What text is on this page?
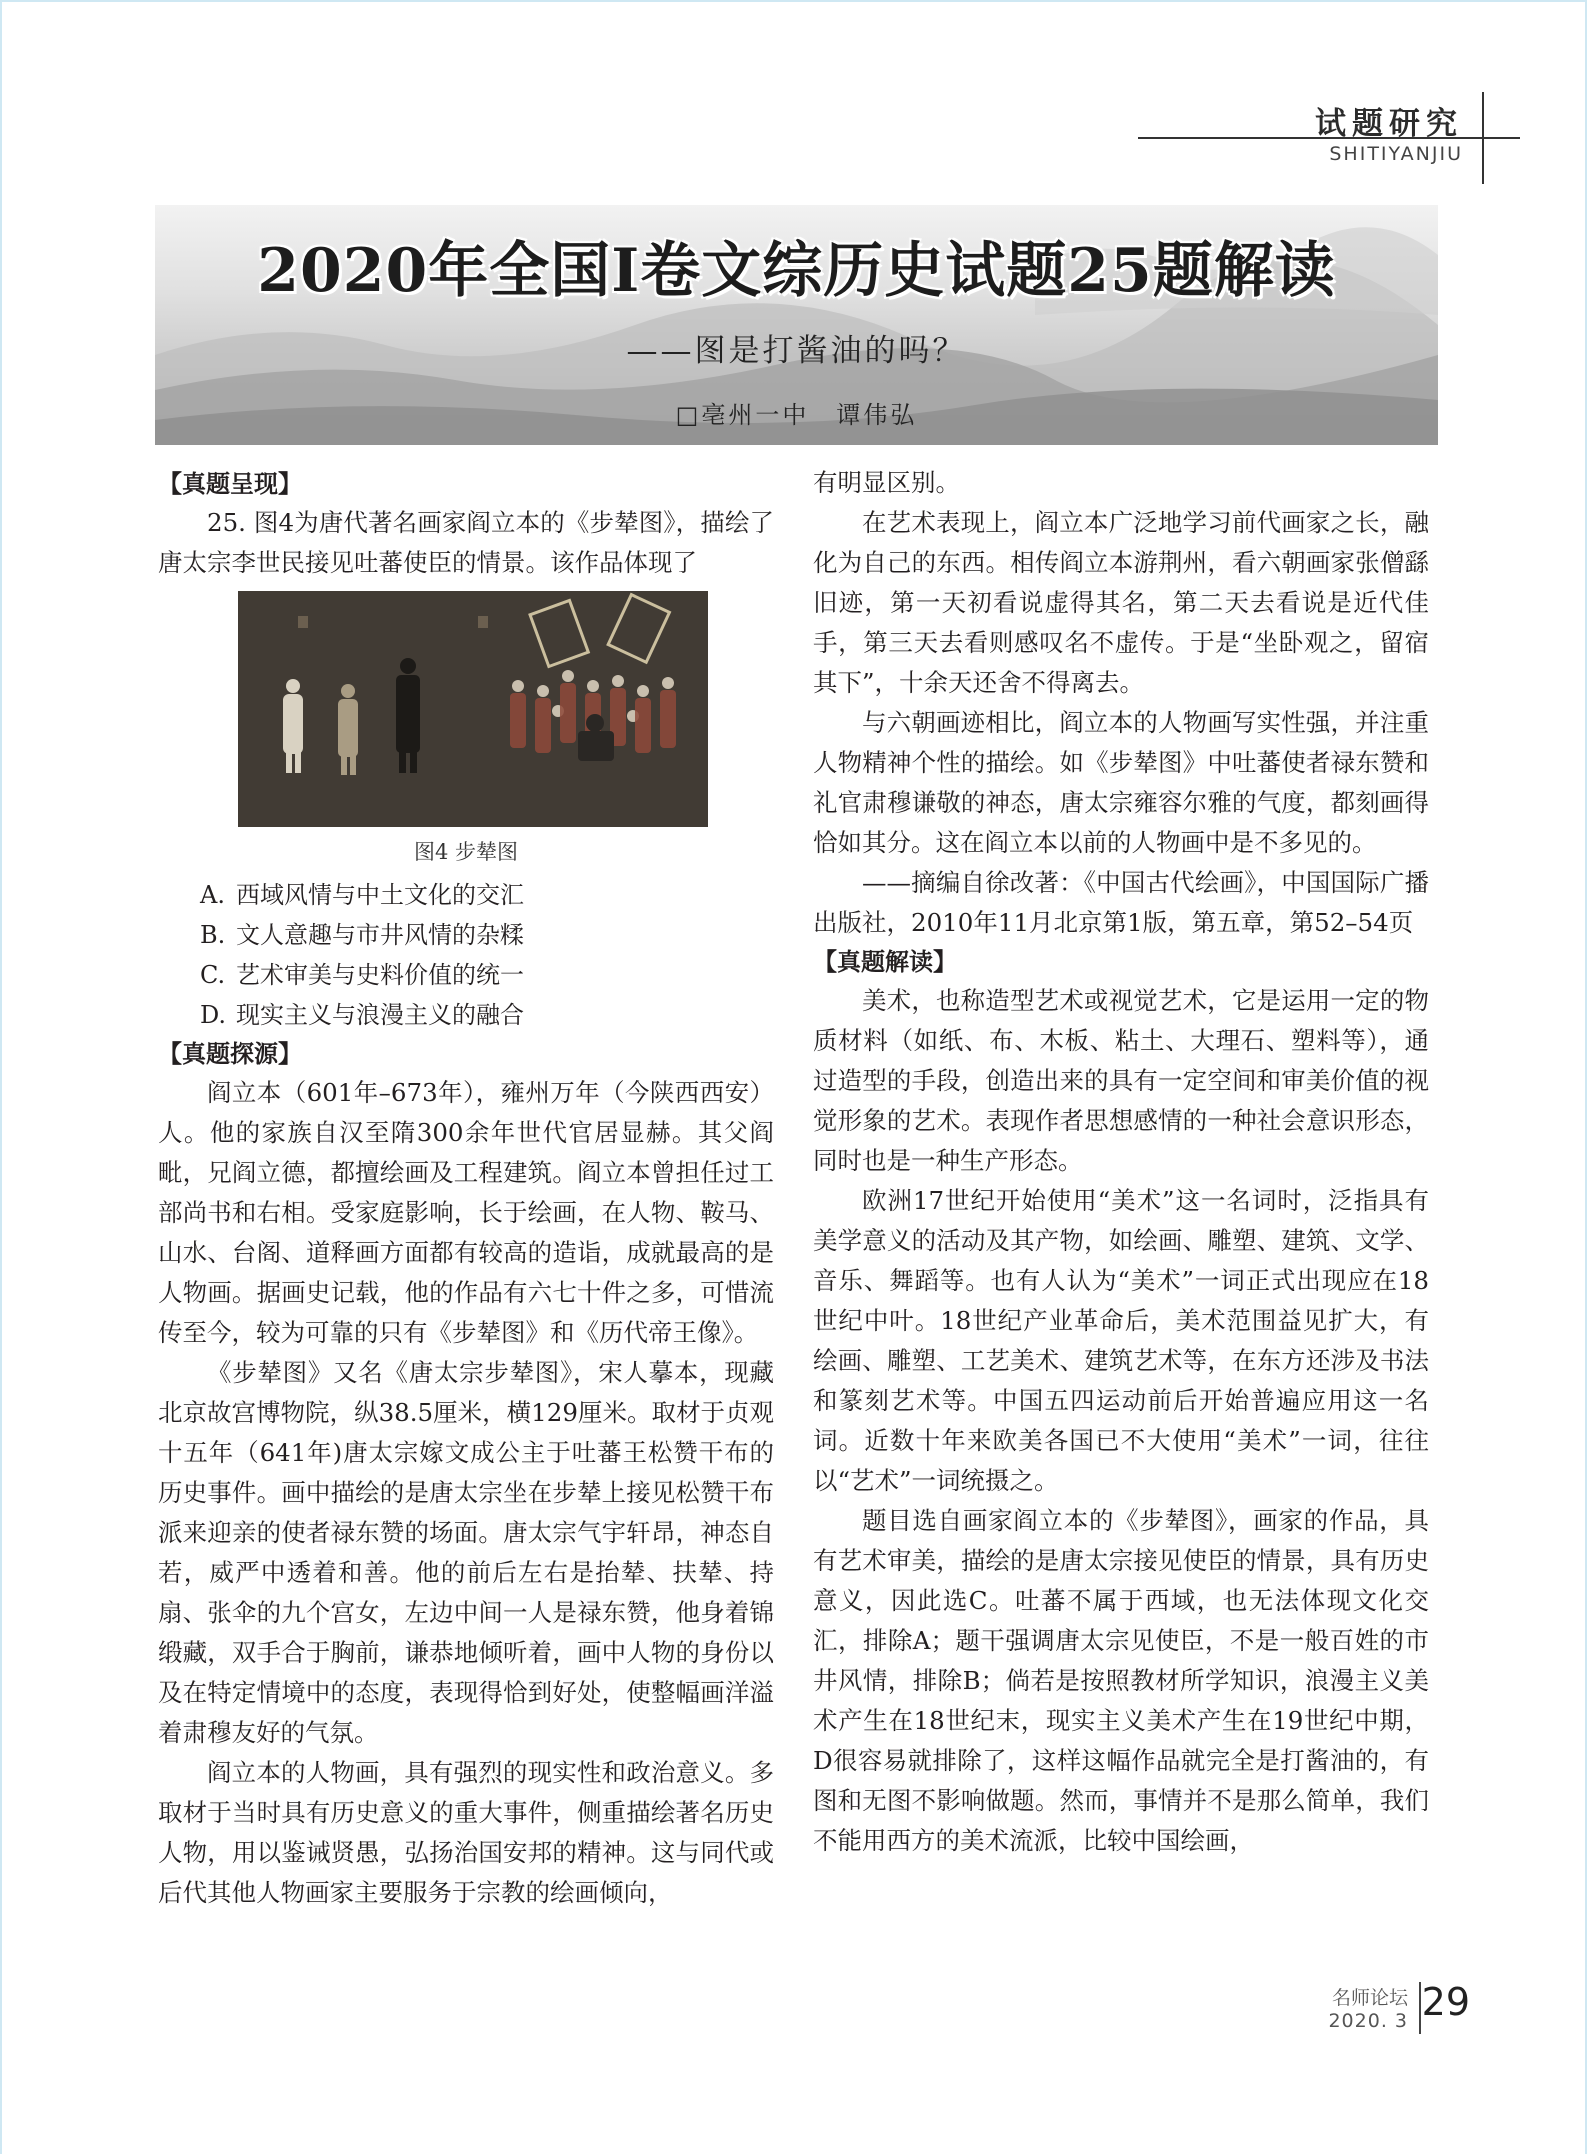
试题研究
SHITIYANJIU
2020年全国I卷文综历史试题25题解读
——图是打酱油的吗？
□亳州一中　谭伟弘
【真题呈现】

25. 图4为唐代著名画家阎立本的《步辇图》，描绘了唐太宗李世民接见吐蕃使臣的情景。该作品体现了

图4 步辇图
A. 西域风情与中土文化的交汇
B. 文人意趣与市井风情的杂糅
C. 艺术审美与史料价值的统一
D. 现实主义与浪漫主义的融合
【真题探源】

阎立本（601年–673年），雍州万年（今陕西西安）人。他的家族自汉至隋300余年世代官居显赫。其父阎毗，兄阎立德，都擅绘画及工程建筑。阎立本曾担任过工部尚书和右相。受家庭影响，长于绘画，在人物、鞍马、山水、台阁、道释画方面都有较高的造诣，成就最高的是人物画。据画史记载，他的作品有六七十件之多，可惜流传至今，较为可靠的只有《步辇图》和《历代帝王像》。

《步辇图》又名《唐太宗步辇图》，宋人摹本，现藏北京故宫博物院，纵38.5厘米，横129厘米。取材于贞观十五年（641年)唐太宗嫁文成公主于吐蕃王松赞干布的历史事件。画中描绘的是唐太宗坐在步辇上接见松赞干布派来迎亲的使者禄东赞的场面。唐太宗气宇轩昂，神态自若，威严中透着和善。他的前后左右是抬辇、扶辇、持扇、张伞的九个宫女，左边中间一人是禄东赞，他身着锦缎藏，双手合于胸前，谦恭地倾听着，画中人物的身份以及在特定情境中的态度，表现得恰到好处，使整幅画洋溢着肃穆友好的气氛。

阎立本的人物画，具有强烈的现实性和政治意义。多取材于当时具有历史意义的重大事件，侧重描绘著名历史人物，用以鉴诫贤愚，弘扬治国安邦的精神。这与同代或后代其他人物画家主要服务于宗教的绘画倾向，

有明显区别。

在艺术表现上，阎立本广泛地学习前代画家之长，融化为自己的东西。相传阎立本游荆州，看六朝画家张僧繇旧迹，第一天初看说虚得其名，第二天去看说是近代佳手，第三天去看则感叹名不虚传。于是“坐卧观之，留宿其下”，十余天还舍不得离去。

与六朝画迹相比，阎立本的人物画写实性强，并注重人物精神个性的描绘。如《步辇图》中吐蕃使者禄东赞和礼官肃穆谦敬的神态，唐太宗雍容尔雅的气度，都刻画得恰如其分。这在阎立本以前的人物画中是不多见的。

——摘编自徐改著：《中国古代绘画》，中国国际广播出版社，2010年11月北京第1版，第五章，第52–54页

【真题解读】

美术，也称造型艺术或视觉艺术，它是运用一定的物质材料（如纸、布、木板、粘土、大理石、塑料等），通过造型的手段，创造出来的具有一定空间和审美价值的视觉形象的艺术。表现作者思想感情的一种社会意识形态，同时也是一种生产形态。

欧洲17世纪开始使用“美术”这一名词时，泛指具有美学意义的活动及其产物，如绘画、雕塑、建筑、文学、音乐、舞蹈等。也有人认为“美术”一词正式出现应在18世纪中叶。18世纪产业革命后，美术范围益见扩大，有绘画、雕塑、工艺美术、建筑艺术等，在东方还涉及书法和篆刻艺术等。中国五四运动前后开始普遍应用这一名词。近数十年来欧美各国已不大使用“美术”一词，往往以“艺术”一词统摄之。

题目选自画家阎立本的《步辇图》，画家的作品，具有艺术审美，描绘的是唐太宗接见使臣的情景，具有历史意义，因此选C。吐蕃不属于西域，也无法体现文化交汇，排除A；题干强调唐太宗见使臣，不是一般百姓的市井风情，排除B；倘若是按照教材所学知识，浪漫主义美术产生在18世纪末，现实主义美术产生在19世纪中期，D很容易就排除了，这样这幅作品就完全是打酱油的，有图和无图不影响做题。然而，事情并不是那么简单，我们不能用西方的美术流派，比较中国绘画，

名师论坛
2020. 3 29
